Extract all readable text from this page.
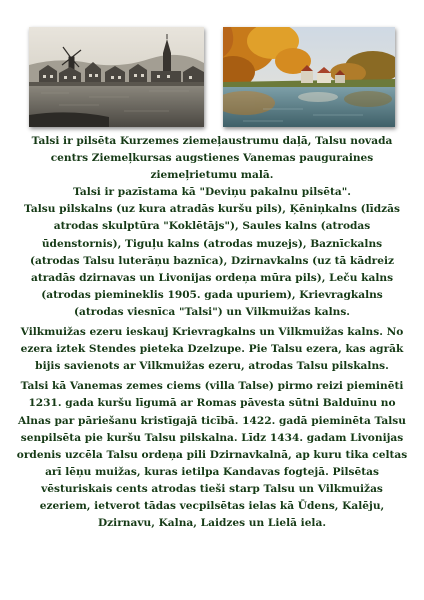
Talsi ir pilsēta Kurzemes ziemeļaustrumu daļā, Talsu novada centrs Ziemeļkursas augstienes Vanemas pauguraines ziemeļrietumu malā.

Talsi ir pazīstama kā "Deviņu pakalnu pilsēta".

Talsu pilskalns (uz kura atradās kuršu pils), Ķēniņkalns (līdzās atrodas skulptūra "Koklētājs"), Saules kalns (atrodas ūdenstornis), Tiguļu kalns (atrodas muzejs), Baznīckalns (atrodas Talsu luterāņu baznīca), Dzirnavkalns (uz tā kādreiz atradās dzirnavas un Livonijas ordeņa mūra pils), Leču kalns (atrodas piemineklis 1905. gada upuriem), Krievragkalns (atrodas viesnīca "Talsi") un Vilkmuižas kalns.

Vilkmuižas ezeru ieskauj Krievragkalns un Vilkmuižas kalns. No ezera iztek Stendes pieteka Dzelzupe. Pie Talsu ezera, kas agrāk bijis savienots ar Vilkmuižas ezeru, atrodas Talsu pilskalns.

Talsi kā Vanemas zemes ciems (villa Talse) pirmo reizi pieminēti 1231. gada kuršu līgumā ar Romas pāvesta sūtni Balduīnu no Alnas par pāriešanu kristīgajā ticībā. 1422. gadā pieminēta Talsu senpilsēta pie kuršu Talsu pilskalna. Līdz 1434. gadam Livonijas ordenis uzcēla Talsu ordeņa pili Dzirnavkalnā, ap kuru tika celtas arī lēņu muižas, kuras ietilpa Kandavas fogtejā. Pilsētas vēsturiskais cents atrodas tieši starp Talsu un Vilkmuižas ezeriem, ietverot tādas vecpilsētas ielas kā Ūdens, Kalēju, Dzirnavu, Kalna, Laidzes un Lielā iela.
